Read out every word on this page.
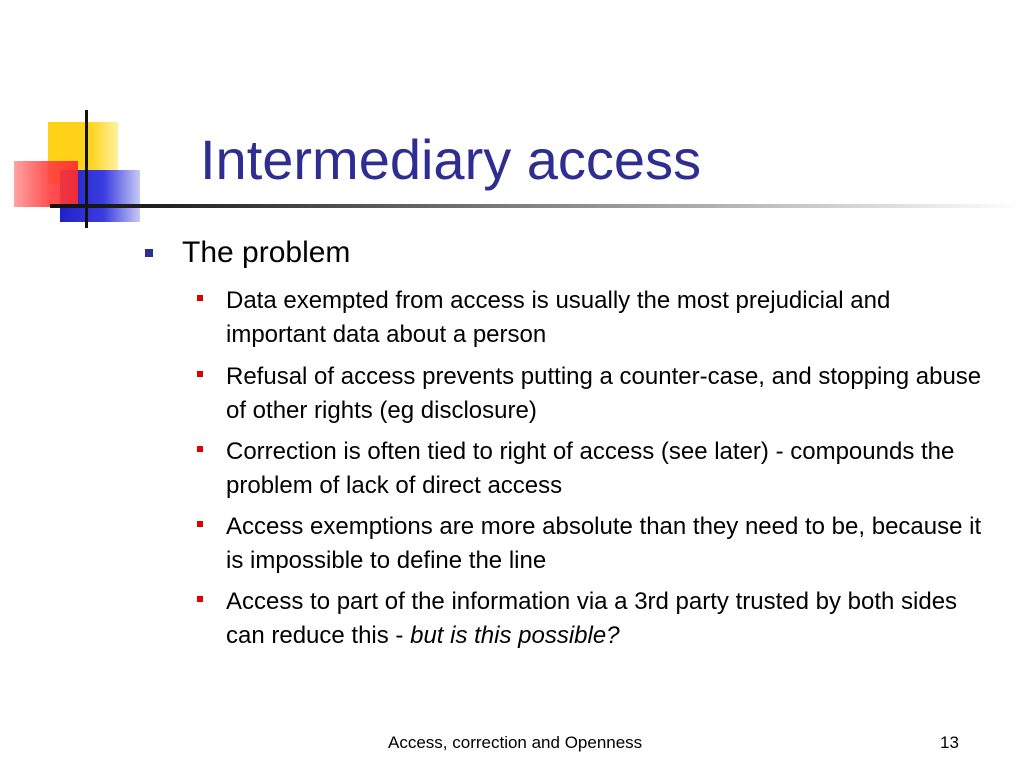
Intermediary access
The problem
Data exempted from access is usually the most prejudicial and important data about a person
Refusal of access prevents putting a counter-case, and stopping abuse of other rights (eg disclosure)
Correction is often tied to right of access (see later) - compounds the problem of lack of direct access
Access exemptions are more absolute than they need to be, because it is impossible to define the line
Access to part of the information via a 3rd party trusted by both sides can reduce this - but is this possible?
Access, correction and Openness	13
